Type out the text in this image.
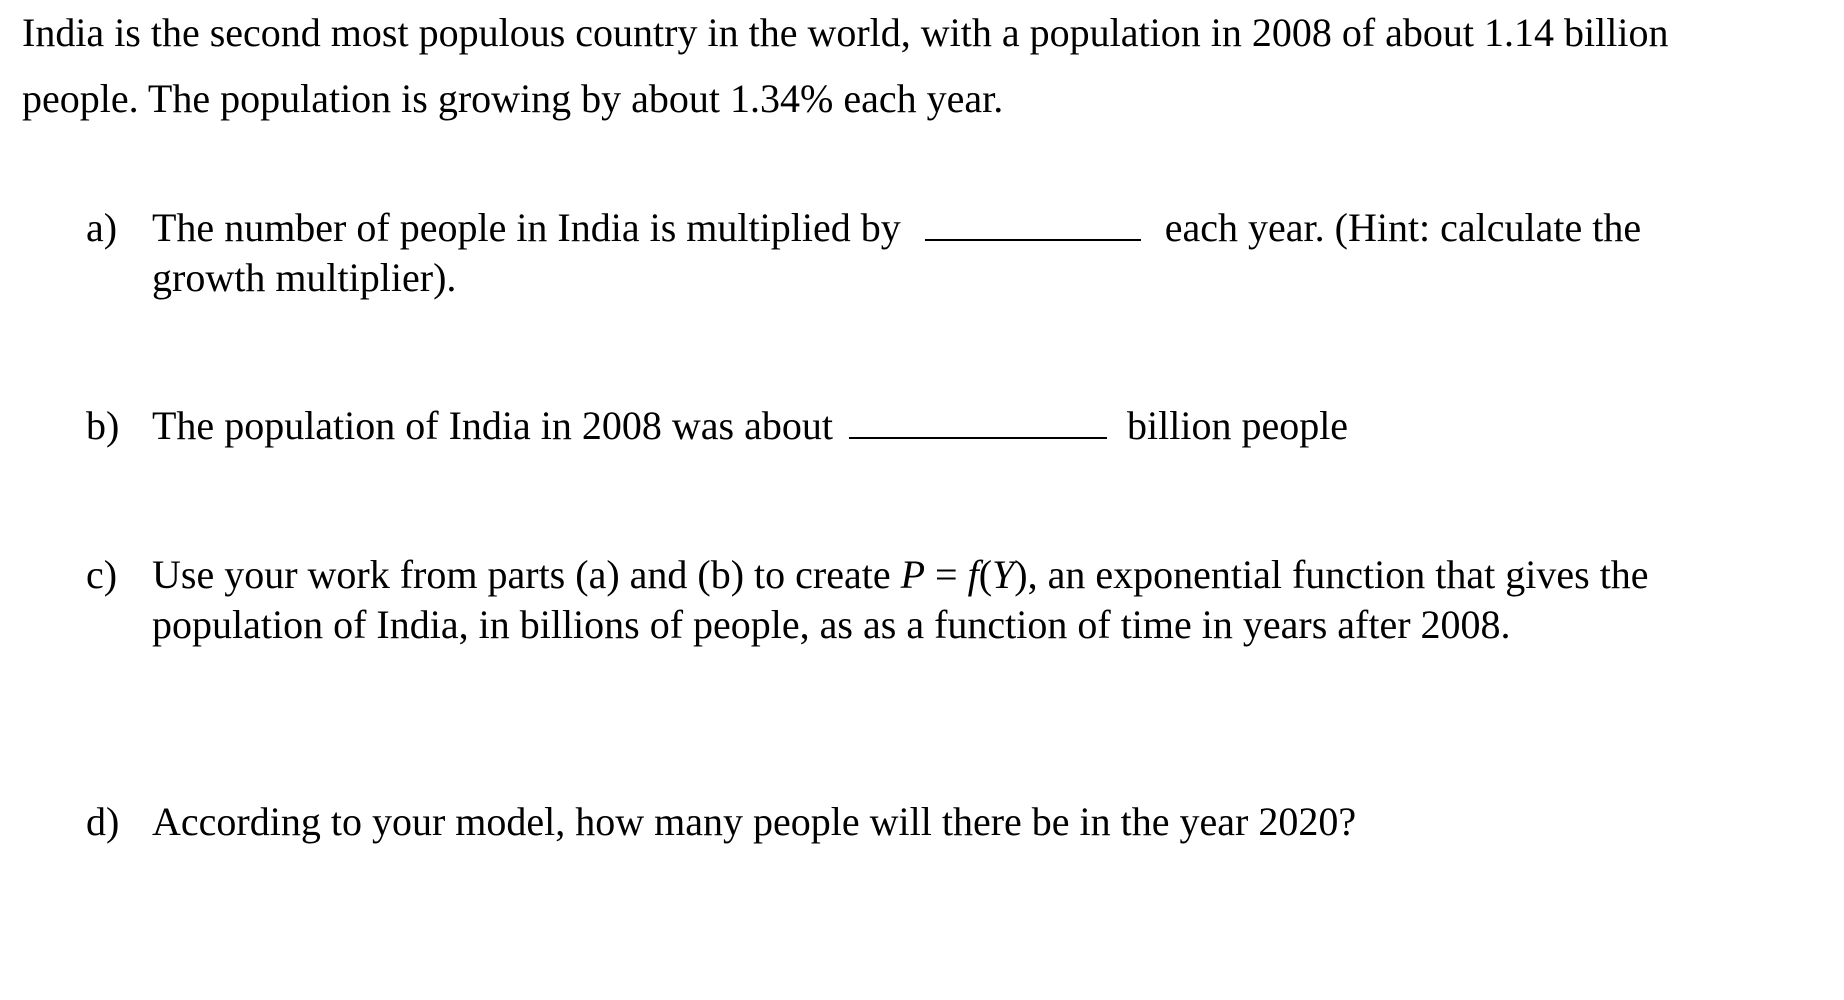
India is the second most populous country in the world, with a population in 2008 of about 1.14 billion
people. The population is growing by about 1.34% each year.
a) The number of people in India is multiplied by	each year. (Hint: calculate the
growth multiplier).
b) The population of India in 2008 was about	billion people
c) Use your work from parts (a) and (b) to create P = f(Y), an exponential function that gives the
population of India, in billions of people, as as a function of time in years after 2008.
d) According to your model, how many people will there be in the year 2020?
